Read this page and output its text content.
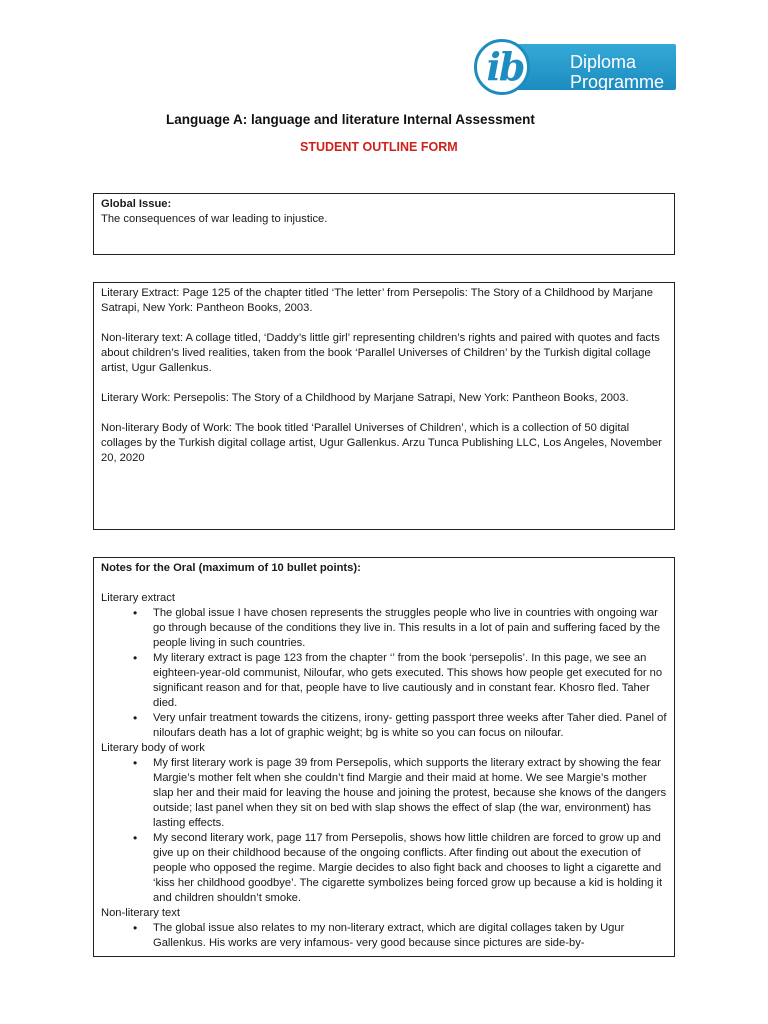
Diploma
Programme
ib
Language A: language and literature Internal Assessment
STUDENT OUTLINE FORM

Global Issue:

The consequences of war leading to injustice.

Literary Extract: Page 125 of the chapter titled ‘The letter’ from Persepolis: The Story of a Childhood by Marjane Satrapi, New York: Pantheon Books, 2003.

Non-literary text: A collage titled, ‘Daddy’s little girl’ representing children’s rights and paired with quotes and facts about children’s lived realities, taken from the book ‘Parallel Universes of Children’ by the Turkish digital collage artist, Ugur Gallenkus.

Literary Work: Persepolis: The Story of a Childhood by Marjane Satrapi, New York: Pantheon Books, 2003.

Non-literary Body of Work: The book titled ‘Parallel Universes of Children’, which is a collection of 50 digital collages by the Turkish digital collage artist, Ugur Gallenkus. Arzu Tunca Publishing LLC, Los Angeles, November 20, 2020

Notes for the Oral (maximum of 10 bullet points):

Literary extract

• The global issue I have chosen represents the struggles people who live in countries with ongoing war go through because of the conditions they live in. This results in a lot of pain and suffering faced by the people living in such countries.
• My literary extract is page 123 from the chapter ‘’ from the book ‘persepolis’. In this page, we see an eighteen-year-old communist, Niloufar, who gets executed. This shows how people get executed for no significant reason and for that, people have to live cautiously and in constant fear. Khosro fled. Taher died.
• Very unfair treatment towards the citizens, irony- getting passport three weeks after Taher died. Panel of niloufars death has a lot of graphic weight; bg is white so you can focus on niloufar.

Literary body of work

• My first literary work is page 39 from Persepolis, which supports the literary extract by showing the fear Margie’s mother felt when she couldn’t find Margie and their maid at home. We see Margie’s mother slap her and their maid for leaving the house and joining the protest, because she knows of the dangers outside; last panel when they sit on bed with slap shows the effect of slap (the war, environment) has lasting effects.
• My second literary work, page 117 from Persepolis, shows how little children are forced to grow up and give up on their childhood because of the ongoing conflicts. After finding out about the execution of people who opposed the regime. Margie decides to also fight back and chooses to light a cigarette and ‘kiss her childhood goodbye’. The cigarette symbolizes being forced grow up because a kid is holding it and children shouldn’t smoke.

Non-literary text

• The global issue also relates to my non-literary extract, which are digital collages taken by Ugur Gallenkus. His works are very infamous- very good because since pictures are side-by-
